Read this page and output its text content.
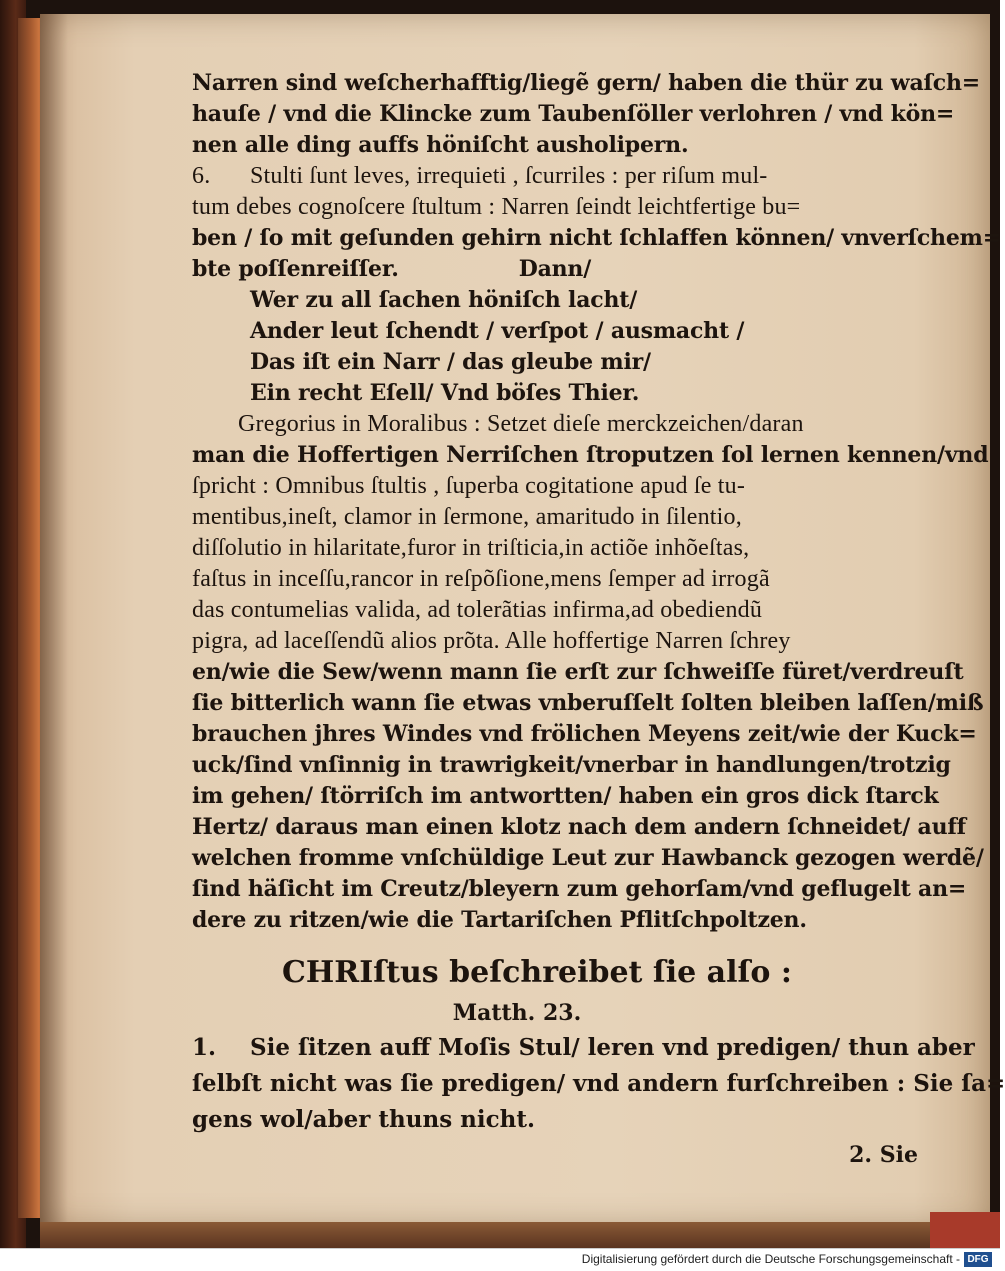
Narren sind weſcherhafftig/liegẽ gern/ haben die thür zu waſch=
hauſe / vnd die Klincke zum Taubenſöller verlohren / vnd kön=
nen alle ding auffs höniſcht ausholipern.
6. Stulti ſunt leves, irrequieti , ſcurriles : per riſum mul-
tum debes cognoſcere ſtultum : Narren ſeindt leichtfertige bu=
ben / ſo mit geſunden gehirn nicht ſchlaffen können/ vnverſchem=
bte poſſenreiſſer.	Dann/
Wer zu all ſachen höniſch lacht/
Ander leut ſchendt / verſpot / ausmacht /
Das iſt ein Narr / das gleube mir/
Ein recht Eſell/ Vnd böſes Thier.
Gregorius in Moralibus : Setzet dieſe merckzeichen/daran
man die Hoffertigen Nerriſchen ſtroputzen ſol lernen kennen/vnd
ſpricht : Omnibus ſtultis , ſuperba cogitatione apud ſe tu-
mentibus,ineſt, clamor in ſermone, amaritudo in ſilentio,
diſſolutio in hilaritate,furor in triſticia,in actiõe inhõeſtas,
faſtus in inceſſu,rancor in reſpõſione,mens ſemper ad irrogã
das contumelias valida, ad tolerãtias infirma,ad obediendũ
pigra, ad laceſſendũ alios prõta. Alle hoffertige Narren ſchrey
en/wie die Sew/wenn mann ſie erſt zur ſchweiſſe füret/verdreuſt
ſie bitterlich wann ſie etwas vnberuſſelt ſolten bleiben laſſen/miß
brauchen jhres Windes vnd frölichen Meyens zeit/wie der Kuck=
uck/ſind vnſinnig in trawrigkeit/vnerbar in handlungen/trotzig
im gehen/ ſtörriſch im antwortten/ haben ein gros dick ſtarck
Hertz/ daraus man einen klotz nach dem andern ſchneidet/ auff
welchen fromme vnſchüldige Leut zur Hawbanck gezogen werdẽ/
ſind häſicht im Creutz/bleyern zum gehorſam/vnd geflugelt an=
dere zu ritzen/wie die Tartariſchen Pflitſchpoltzen.
CHRIſtus beſchreibet ſie alſo :
Matth. 23.
1. Sie ſitzen auff Moſis Stul/ leren vnd predigen/ thun aber
ſelbſt nicht was ſie predigen/ vnd andern furſchreiben : Sie ſa=
gens wol/aber thuns nicht.
2. Sie
Digitalisierung gefördert durch die Deutsche Forschungsgemeinschaft - DFG
